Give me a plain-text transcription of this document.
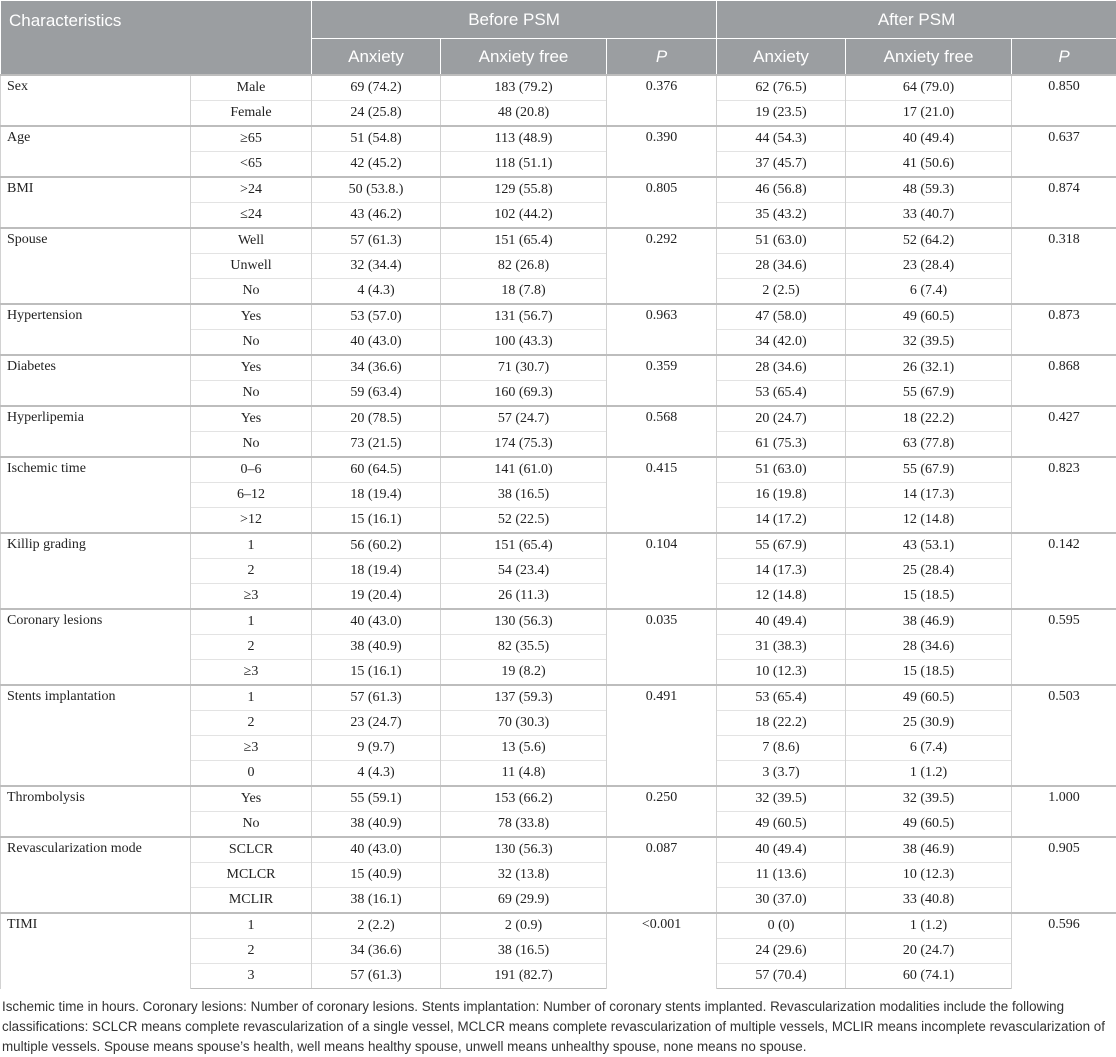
Characteristics		Before PSM			After PSM		
		Anxiety	Anxiety free	P	Anxiety	Anxiety free	P
Sex	Male	69 (74.2)	183 (79.2)	0.376	62 (76.5)	64 (79.0)	0.850
	Female	24 (25.8)	48 (20.8)		19 (23.5)	17 (21.0)	
Age	≥65	51 (54.8)	113 (48.9)	0.390	44 (54.3)	40 (49.4)	0.637
	<65	42 (45.2)	118 (51.1)		37 (45.7)	41 (50.6)	
BMI	>24	50 (53.8.)	129 (55.8)	0.805	46 (56.8)	48 (59.3)	0.874
	≤24	43 (46.2)	102 (44.2)		35 (43.2)	33 (40.7)	
Spouse	Well	57 (61.3)	151 (65.4)	0.292	51 (63.0)	52 (64.2)	0.318
	Unwell	32 (34.4)	82 (26.8)		28 (34.6)	23 (28.4)	
	No	4 (4.3)	18 (7.8)		2 (2.5)	6 (7.4)	
Hypertension	Yes	53 (57.0)	131 (56.7)	0.963	47 (58.0)	49 (60.5)	0.873
	No	40 (43.0)	100 (43.3)		34 (42.0)	32 (39.5)	
Diabetes	Yes	34 (36.6)	71 (30.7)	0.359	28 (34.6)	26 (32.1)	0.868
	No	59 (63.4)	160 (69.3)		53 (65.4)	55 (67.9)	
Hyperlipemia	Yes	20 (78.5)	57 (24.7)	0.568	20 (24.7)	18 (22.2)	0.427
	No	73 (21.5)	174 (75.3)		61 (75.3)	63 (77.8)	
Ischemic time	0–6	60 (64.5)	141 (61.0)	0.415	51 (63.0)	55 (67.9)	0.823
	6–12	18 (19.4)	38 (16.5)		16 (19.8)	14 (17.3)	
	>12	15 (16.1)	52 (22.5)		14 (17.2)	12 (14.8)	
Killip grading	1	56 (60.2)	151 (65.4)	0.104	55 (67.9)	43 (53.1)	0.142
	2	18 (19.4)	54 (23.4)		14 (17.3)	25 (28.4)	
	≥3	19 (20.4)	26 (11.3)		12 (14.8)	15 (18.5)	
Coronary lesions	1	40 (43.0)	130 (56.3)	0.035	40 (49.4)	38 (46.9)	0.595
	2	38 (40.9)	82 (35.5)		31 (38.3)	28 (34.6)	
	≥3	15 (16.1)	19 (8.2)		10 (12.3)	15 (18.5)	
Stents implantation	1	57 (61.3)	137 (59.3)	0.491	53 (65.4)	49 (60.5)	0.503
	2	23 (24.7)	70 (30.3)		18 (22.2)	25 (30.9)	
	≥3	9 (9.7)	13 (5.6)		7 (8.6)	6 (7.4)	
	0	4 (4.3)	11 (4.8)		3 (3.7)	1 (1.2)	
Thrombolysis	Yes	55 (59.1)	153 (66.2)	0.250	32 (39.5)	32 (39.5)	1.000
	No	38 (40.9)	78 (33.8)		49 (60.5)	49 (60.5)	
Revascularization mode	SCLCR	40 (43.0)	130 (56.3)	0.087	40 (49.4)	38 (46.9)	0.905
	MCLCR	15 (40.9)	32 (13.8)		11 (13.6)	10 (12.3)	
	MCLIR	38 (16.1)	69 (29.9)		30 (37.0)	33 (40.8)	
TIMI	1	2 (2.2)	2 (0.9)	<0.001	0 (0)	1 (1.2)	0.596
	2	34 (36.6)	38 (16.5)		24 (29.6)	20 (24.7)	
	3	57 (61.3)	191 (82.7)		57 (70.4)	60 (74.1)	

Ischemic time in hours. Coronary lesions: Number of coronary lesions. Stents implantation: Number of coronary stents implanted. Revascularization modalities include the following classifications: SCLCR means complete revascularization of a single vessel, MCLCR means complete revascularization of multiple vessels, MCLIR means incomplete revascularization of multiple vessels. Spouse means spouse’s health, well means healthy spouse, unwell means unhealthy spouse, none means no spouse.
